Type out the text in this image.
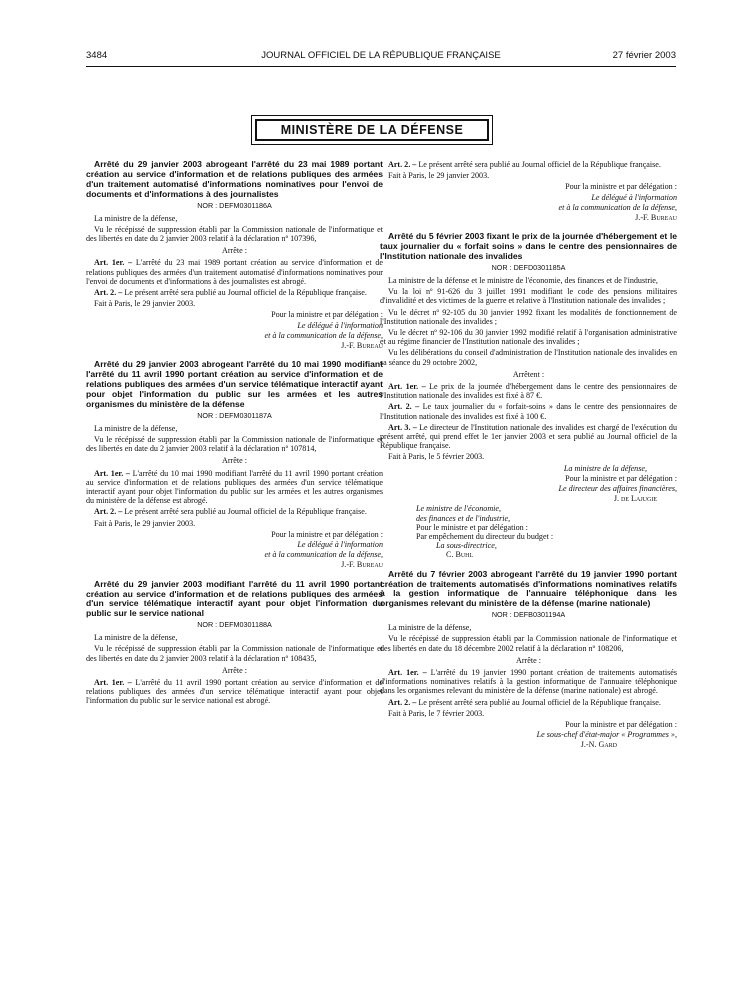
3484	JOURNAL OFFICIEL DE LA RÉPUBLIQUE FRANÇAISE	27 février 2003
MINISTÈRE DE LA DÉFENSE

Arrêté du 29 janvier 2003 abrogeant l'arrêté du 23 mai 1989 portant création au service d'information et de relations publiques des armées d'un traitement automatisé d'informations nominatives pour l'envoi de documents et d'informations à des journalistes

NOR : DEFM0301186A

La ministre de la défense,

Vu le récépissé de suppression établi par la Commission nationale de l'informatique et des libertés en date du 2 janvier 2003 relatif à la déclaration nº 107396,

Arrête :

Art. 1er. – L'arrêté du 23 mai 1989 portant création au service d'information et de relations publiques des armées d'un traitement automatisé d'informations nominatives pour l'envoi de documents et d'informations à des journalistes est abrogé.

Art. 2. – Le présent arrêté sera publié au Journal officiel de la République française.

Fait à Paris, le 29 janvier 2003.

Pour la ministre et par délégation :

Le délégué à l'information

et à la communication de la défense,

J.-F. Bureau

Arrêté du 29 janvier 2003 abrogeant l'arrêté du 10 mai 1990 modifiant l'arrêté du 11 avril 1990 portant création au service d'information et de relations publiques des armées d'un service télématique interactif ayant pour objet l'information du public sur les armées et les autres organismes du ministère de la défense

NOR : DEFM0301187A

La ministre de la défense,

Vu le récépissé de suppression établi par la Commission nationale de l'informatique et des libertés en date du 2 janvier 2003 relatif à la déclaration nº 107814,

Arrête :

Art. 1er. – L'arrêté du 10 mai 1990 modifiant l'arrêté du 11 avril 1990 portant création au service d'information et de relations publiques des armées d'un service télématique interactif ayant pour objet l'information du public sur les armées et les autres organismes du ministère de la défense est abrogé.

Art. 2. – Le présent arrêté sera publié au Journal officiel de la République française.

Fait à Paris, le 29 janvier 2003.

Pour la ministre et par délégation :

Le délégué à l'information

et à la communication de la défense,

J.-F. Bureau

Arrêté du 29 janvier 2003 modifiant l'arrêté du 11 avril 1990 portant création au service d'information et de relations publiques des armées d'un service télématique interactif ayant pour objet l'information du public sur le service national

NOR : DEFM0301188A

La ministre de la défense,

Vu le récépissé de suppression établi par la Commission nationale de l'informatique et des libertés en date du 2 janvier 2003 relatif à la déclaration nº 108435,

Arrête :

Art. 1er. – L'arrêté du 11 avril 1990 portant création au service d'information et de relations publiques des armées d'un service télématique interactif ayant pour objet l'information du public sur le service national est abrogé.

Art. 2. – Le présent arrêté sera publié au Journal officiel de la République française.

Fait à Paris, le 29 janvier 2003.

Pour la ministre et par délégation :

Le délégué à l'information

et à la communication de la défense,

J.-F. Bureau

Arrêté du 5 février 2003 fixant le prix de la journée d'hébergement et le taux journalier du « forfait soins » dans le centre des pensionnaires de l'Institution nationale des invalides

NOR : DEFD0301185A

La ministre de la défense et le ministre de l'économie, des finances et de l'industrie,

Vu la loi nº 91-626 du 3 juillet 1991 modifiant le code des pensions militaires d'invalidité et des victimes de la guerre et relative à l'Institution nationale des invalides ;

Vu le décret nº 92-105 du 30 janvier 1992 fixant les modalités de fonctionnement de l'Institution nationale des invalides ;

Vu le décret nº 92-106 du 30 janvier 1992 modifié relatif à l'organisation administrative et au régime financier de l'Institution nationale des invalides ;

Vu les délibérations du conseil d'administration de l'Institution nationale des invalides en sa séance du 29 octobre 2002,

Arrêtent :

Art. 1er. – Le prix de la journée d'hébergement dans le centre des pensionnaires de l'Institution nationale des invalides est fixé à 87 €.

Art. 2. – Le taux journalier du « forfait-soins » dans le centre des pensionnaires de l'Institution nationale des invalides est fixé à 100 €.

Art. 3. – Le directeur de l'Institution nationale des invalides est chargé de l'exécution du présent arrêté, qui prend effet le 1er janvier 2003 et sera publié au Journal officiel de la République française.

Fait à Paris, le 5 février 2003.

La ministre de la défense,

Pour la ministre et par délégation :

Le directeur des affaires financières,

J. de Lajugie

Le ministre de l'économie,
des finances et de l'industrie,
Pour le ministre et par délégation :
Par empêchement du directeur du budget :
La sous-directrice,
C. Buhl

Arrêté du 7 février 2003 abrogeant l'arrêté du 19 janvier 1990 portant création de traitements automatisés d'informations nominatives relatifs à la gestion informatique de l'annuaire téléphonique dans les organismes relevant du ministère de la défense (marine nationale)

NOR : DEFB0301194A

La ministre de la défense,

Vu le récépissé de suppression établi par la Commission nationale de l'informatique et des libertés en date du 18 décembre 2002 relatif à la déclaration nº 108206,

Arrête :

Art. 1er. – L'arrêté du 19 janvier 1990 portant création de traitements automatisés d'informations nominatives relatifs à la gestion informatique de l'annuaire téléphonique dans les organismes relevant du ministère de la défense (marine nationale) est abrogé.

Art. 2. – Le présent arrêté sera publié au Journal officiel de la République française.

Fait à Paris, le 7 février 2003.

Pour la ministre et par délégation :

Le sous-chef d'état-major « Programmes »,

J.-N. Gard
